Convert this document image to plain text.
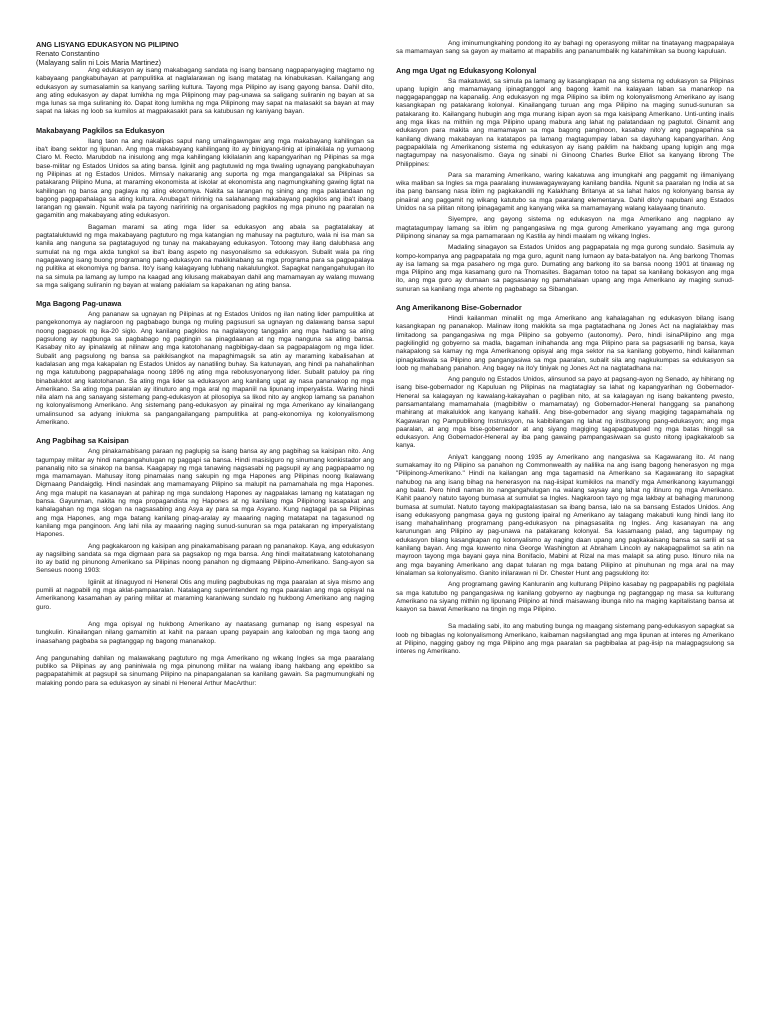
ANG LISYANG EDUKASYON NG PILIPINO
Renato Constantino
(Malayang salin ni Lois Maria Martinez)

Ang edukasyon ay isang makabagang sandata ng isang bansang nagpapanyaging magtamo ng kabayaang pangkabuhayan at pampulitika at naglalarawan ng isang matatag na kinabukasan. Kailangang ang edukasyon ay sumasalamin sa kanyang sariling kultura. Tayong mga Pilipino ay isang gayong bansa. Dahil dito, ang ating edukasyon ay dapat lumikha ng mga Pilipinong may pag-unawa sa saligang suliranin ng bayan at sa mga lunas sa mga suliraning ito. Dapat itong lumikha ng mga Pilipinong may sapat na malasakit sa bayan at may sapat na lakas ng loob sa kumilos at magpakasakit para sa katubusan ng kaniyang bayan.

Makabayang Pagkilos sa Edukasyon

Ilang taon na ang nakalipas sapul nang umalingawngaw ang mga makabayang kahilingan sa iba't ibang sektor ng lipunan. Ang mga makabayang kahilingang ito ay binigyang-tinig at ipinakilala ng yumaong Claro M. Recto. Marubdob na inisulong ang mga kahilingang kikilalanin ang kapangyarihan ng Pilipinas sa mga base-militar ng Estados Unidos sa ating bansa. Iginiit ang pagtutuwid ng mga tiwaling ugnayang pangkabuhayan ng Pilipinas at ng Estados Unidos. Mirnsa'y nakaranig ang suporta ng mga mangangalakal sa Pilipinas sa patakarang Pilipino Muna, at maraming ekonomista at iskolar at ekonomista ang nagmungkahing gawing ligtat na kahilingan ng bansa ang paglaya ng ating ekonomya. Nakita sa larangan ng sining ang mga palatandaan ng bagong pagpapahalaga sa ating kultura. Anubaga't niririnig na salahanang makabayang pagkilos ang iba't ibang larangan ng gawain. Ngunit wala pa tayong nariririnig na organisadong pagkilos ng mga pinuno ng paaralan na gagamitin ang makabayang ating edukasyon.

Bagaman marami sa ating mga lider sa edukasyon ang abala sa pagtatalakay at pagtataluktuwid ng mga makabayang pagtuturo ng mga katangian ng mahusay na pagtuturo, wala ni isa man sa kanila ang nanguna sa pagtataguyod ng tunay na makabayang edukasyon. Totoong may ilang dalubhasa ang sumulat na ng mga akda tungkol sa iba't ibang aspeto ng nasyonalismo sa edukasyon. Subalit wala pa ring nagagawang isang buong programang pang-edukasyon na makikinabang sa mga programa para sa pagpapalaya ng pulitika at ekonomiya ng bansa. Ito'y isang kalagayang lubhang nakalulungkot. Sapagkat nangangahulugan ito na sa simula pa lamang ay lumpo na kaagad ang kilusang makabayan dahil ang mamamayan ay walang muwang sa mga saligang suliranin ng bayan at walang pakialam sa kapakanan ng ating bansa.

Mga Bagong Pag-unawa

Ang pananaw sa ugnayan ng Pilipinas at ng Estados Unidos ng ilan nating lider pampulitika at pangekonomya ay naglaroon ng pagbabago bunga ng muling pagsusuri sa ugnayan ng dalawang bansa sapul noong pagpasok ng ika-20 siglo. Ang kanilang pagkilos na naglalayong tanggalin ang mga hadlang sa ating pagsulong ay nagbunga sa pagbabago ng pagtingin sa pinagdaanan at ng mga nanguna sa ating bansa. Kasabay nito ay ipinalawig at nilinaw ang mga katotohanang nagbibigay-daan sa pagpapalagom ng mga lider. Subalit ang pagsulong ng bansa sa pakikisangkot na mapaghimagsik sa atin ay maraming kabalisahan at kadalasan ang mga kakapalan ng Estados Unidos ay nanatiling buhay. Sa katunayan, ang hindi pa nahahalinhan ng mga katutubong pagpapahalaga noong 1896 ng ating mga rebolusyonaryong lider. Subalit patuloy pa ring binabaluktot ang katotohanan. Sa ating mga lider sa edukasyon ang kanilang ugat ay nasa pananakop ng mga Amerikano. Sa ating mga paaralan ay itinuturo ang mga aral ng mapaniil na lipunang imperyalista. Waring hindi nila alam na ang sanayang sistemang pang-edukasyon at pilosopiya sa likod nito ay angkop lamang sa panahon ng kolonyalismong Amerikano. Ang sistemang pang-edukasyon ay pinaiiral ng mga Amerikano ay kinailangang umalinsunod sa adyang iniukma sa pangangailangang pampulitika at pang-ekonomiya ng kolonyalismong Amerikano.

Ang Pagbihag sa Kaisipan

Ang pinakamabisang paraan ng paglupig sa isang bansa ay ang pagbihag sa kaisipan nito. Ang tagumpay militar ay hindi nangangahulugan ng paggapi sa bansa. Hindi masisiguro ng sinumang konkistador ang pananalig nito sa sinakop na bansa. Kaagapay ng mga tanawing nagsasabi ng pagsupil ay ang pagpapaamo ng mga mamamayan. Mahusay itong pinamalas nang sakupin ng mga Hapones ang Pilipinas noong Ikalawang Digmaang Pandaigdig. Hindi nasindak ang mamamayang Pilipino sa malupit na pamamahala ng mga Hapones. Ang mga malupit na kasanayan at pahirap ng mga sundalong Hapones ay nagpalakas lamang ng katatagan ng bansa. Gayunman, nakita ng mga propagandista ng Hapones at ng kanilang mga Pilipinong kasapakat ang kahalagahan ng mga slogan na nagsasabing ang Asya ay para sa mga Asyano. Kung nagtagal pa sa Pilipinas ang mga Hapones, ang mga batang kanilang pinag-aralay ay maaaring naging matatapat na tagasunod ng kanilang mga panginoon. Ang lahi nila ay maaaring naging sunud-sunuran sa mga patakaran ng imperyalistang Hapones.

Ang pagkakaroon ng kaisipan ang pinakamabisang paraan ng pananakop. Kaya, ang edukasyon ay nagsilbing sandata sa mga digmaan para sa pagsakop ng mga bansa. Ang hindi maitatatwang katotohanang ito ay batid ng pinunong Amerikano sa Pilipinas noong panahon ng digmaang Pilipino-Amerikano. Sang-ayon sa Senseus noong 1903:

Igiiniit at itinaguyod ni Heneral Otis ang muling pagbubukas ng mga paaralan at siya mismo ang pumili at nagpabili ng mga aklat-pampaaralan. Natalagang superintendent ng mga paaralan ang mga opisyal na Amerikanong kasamahan ay paring militar at maraming karaniwang sundalo ng hukbong Amerikano ang naging guro.

Ang mga opisyal ng hukbong Amerikano ay naatasang gumanap ng isang espesyal na tungkulin. Kinailangan nilang gamamitin at kahit na paraan upang payapain ang kalooban ng mga taong ang inaasahang pagbaba sa pagtanggap ng bagong mananakop.

Ang pangunahing dahilan ng malawakang pagtuturo ng mga Amerikano ng wikang Ingles sa mga paaralang publiko sa Pilipinas ay ang paniniwala ng mga pinunong militar na walang ibang hakbang ang epektibo sa pagpapatahimik at pagsupil sa sinumang Pilipino na pinapangalanan sa kanilang gawain. Sa pagmumungkahi ng malaking pondo para sa edukasyon ay sinabi ni Heneral Arthur MacArthur:

Ang iminumungkahing pondong ito ay bahagi ng operasyong militar na tinatayang magpapalaya sa mamamayan sang sa gayon ay maitamo at mapabilis ang pananumbalik ng katahimikan sa buong kapuluan.

Ang mga Ugat ng Edukasyong Kolonyal

Sa makatuwid, sa simula pa lamang ay kasangkapan na ang sistema ng edukasyon sa Pilipinas upang lupigin ang mamamayang ipinagtanggol ang bagong kamit na kalayaan laban sa manankop na naggagapanggap na kapanalig. Ang edukasyon ng mga Pilipino sa iblim ng kolonyalismong Amerikano ay isang kasangkapan ng patakarang kolonyal. Kinailangang turuan ang mga Pilipino na maging sunud-sunuran sa patakarang ito. Kailangang hubugin ang mga murang isipan ayon sa mga kaisipang Amerikano. Unti-unting inalis ang mga likas na mithiin ng mga Pilipino upang mabura ang lahat ng palatandaan ng pagtutol. Ginamit ang edukasyon para makita ang mamamayan sa mga bagong panginoon, kasabay nito'y ang pagpapahina sa kanilang diwang makabayan na katatapos pa lamang magtagumpay laban sa dayuhang kapangyarihan. Ang pagpapakilala ng Amerikanong sistema ng edukasyon ay isang paiklim na hakbang upang lupigin ang mga nagtagumpay na nasyonalismo. Gaya ng sinabi ni Ginoong Charles Burke Elliot sa kanyang librong The Philippines:

Para sa maraming Amerikano, waring kakatuwa ang imungkahi ang paggamit ng ilimaniyang wika maliban sa Ingles sa mga paaralang inuwawagaywayang kanilang bandila. Ngunit sa paaralan ng India at sa iba pang bansang nasa iblim ng pagkakandili ng Kalakhang Britanya at sa lahat halos ng kolonyang bansa ay pinaiiral ang paggamit ng wikang katutubo sa mga paaralang elementarya. Dahil dito'y napubani ang Estados Unidos na sa pilitan nitong ipinagagamit ang kanyang wika sa mamamayang walang kalayaang tinanuto.

Siyempre, ang gayong sistema ng edukasyon na mga Amerikano ang nagplano ay magtatagumpay lamang sa iblim ng pangangasiwa ng mga gurong Amerikano yayamang ang mga gurong Pilipinong sinanay sa mga pamamaraan ng Kastila ay hindi maalam ng wikang Ingles.

Madaling sinagayon sa Estados Unidos ang pagpapatala ng mga gurong sundalo. Sasimula ay kompo-kompanya ang pagpapatala ng mga guro, agunit nang lumaon ay bata-batalyon na. Ang barkong Thomas ay isa lamang sa mga pasahero ng mga guro. Dumating ang barkong ito sa bansa noong 1901 at tinawag ng mga Pilipino ang mga kasamang guro na Thomasites. Bagaman totoo na tapat sa kanilang bokasyon ang mga ito, ang mga guro ay dumaan sa pagsasanay ng pamahalaan upang ang mga Amerikano ay maging sunud-sunuran sa kanilang mga ahente ng pagbabago sa Sibangan.

Ang Amerikanong Bise-Gobernador

Hindi kailanman minaliit ng mga Amerikano ang kahalagahan ng edukasyon bilang isang kasangkapan ng pananakop. Malinaw itong makikita sa mga pagtatadhana ng Jones Act na naglalakbay mas limitadong sa pangangasiwa ng mga Pilipino sa gobyerno (autonomy). Pero, hindi isinaPilipino ang mga pagkilinglid ng gobyerno sa madla, bagaman inihahanda ang mga Pilipino para sa pagsasarili ng bansa, kaya nakapalong sa kamay ng mga Amerikanong opisyal ang mga sektor na sa kanilang gobyerno, hindi kailanman ipinagkatiwala sa Pilipino ang pangangasiwa sa mga paaralan, subalit sila ang nagkukumpas sa edukasyon sa loob ng mahabang panahon. Ang bagay na ito'y tiniyak ng Jones Act na nagtatadhana na:

Ang pangulo ng Estados Unidos, alinsunod sa payo at pagsang-ayon ng Senado, ay hihirang ng isang bise-gobernador ng Kapuluan ng Pilipinas na magtataglay sa lahat ng kapangyarihan ng Gobernador-Heneral sa kalagayan ng kawalang-kakayahan o pagliban nito, at sa kalagayan ng isang bakanteng pwesto, pansamantalang mamamahala (magbibitiw o mamamatay) ng Gobernador-Heneral hanggang sa panahong mahirang at makaluklok ang kanyang kahalili. Ang bise-gobernador ang siyang magiging tagapamahala ng Kagawaran ng Pampublikong Instruksyon, na kabibilangan ng lahat ng institusyong pang-edukasyon; ang mga paaralan, at ang mga bise-gobernador at ang siyang magiging tagapagpatupad ng mga batas hinggil sa edukasyon. Ang Gobernador-Heneral ay iba pang gawaing pampangasiwaan sa gusto nitong ipagkakaloob sa kanya.

Aniya't kanggang noong 1935 ay Amerikano ang nangasiwa sa Kagawarang ito. At nang sumakamay ito ng Pilipino sa panahon ng Commonwealth ay nalilika na ang isang bagong henerasyon ng mga "Pilipinong-Amerikano." Hindi na kailangan ang mga tagamasid na Amerikano sa Kagawarang ito sapagkat nahubog na ang isang bihag na henerasyon na nag-iisipat kumikilos na mandi'y mga Amerikanong kayumanggi ang balat. Pero hindi naman ito nangangahulugan na walang saysay ang lahat ng itinuro ng mga Amerikano. Kahit paano'y natuto tayong bumasa at sumulat sa Ingles. Nagkaroon tayo ng mga lakbay at bahaging marunong bumasa at sumulat. Natuto tayong makipagtalastasan sa ibang bansa, lalo na sa bansang Estados Unidos. Ang isang edukasyong pangmasa gaya ng gustong ipairal ng Amerikano ay talagang makabuti kung hindi lang ito isang mahahalinhang programang pang-edukasyon na pinagsasalita ng Ingles. Ang kasanayan na ang karunungan ang Pilipino ay pag-unawa na patakarang kolonyal. Sa kasamaang palad, ang tagumpay ng edukasyon bilang kasangkapan ng kolonyalismo ay naging daan upang ang pagkakaisang bansa sa sarili at sa kanilang bayan. Ang mga kuwento nina George Washington at Abraham Lincoln ay nakapagpalimot sa atin na mayroon tayong mga bayani gaya nina Bonifacio, Mabini at Rizal na mas malapit sa ating puso. Itinuro nila na ang mga bayaning Amerikano ang dapat tularan ng mga batang Pilipino at pinuhunan ng mga aral na may kinalaman sa kolonyalismo. Ganito inilarawan ni Dr. Chester Hunt ang pagsuklong ito:

Ang programang gawing Kanluranin ang kulturang Pilipino kasabay ng pagpapabilis ng pagkilala sa mga katutubo ng pangangasiwa ng kanilang gobyerno ay nagbunga ng pagtanggap ng masa sa kulturang Amerikano na siyang mithiin ng lipunang Pilipino at hindi maisawang ibunga nito na maging kapitalistang bansa at kaayon sa bawat Amerikano na tingin ng mga Pilipino.

Sa madaling sabi, ito ang mabuting bunga ng maagang sistemang pang-edukasyon sapagkat sa loob ng bibaglas ng kolonyalismong Amerikano, kaibaman nagsilangtad ang mga lipunan at interes ng Amerikano at Pilipino, nagging gaboy ng mga Pilipino ang mga paaralan sa pagbibalaa at pag-iisip na malagpagsulong sa interes ng Amerikano.
